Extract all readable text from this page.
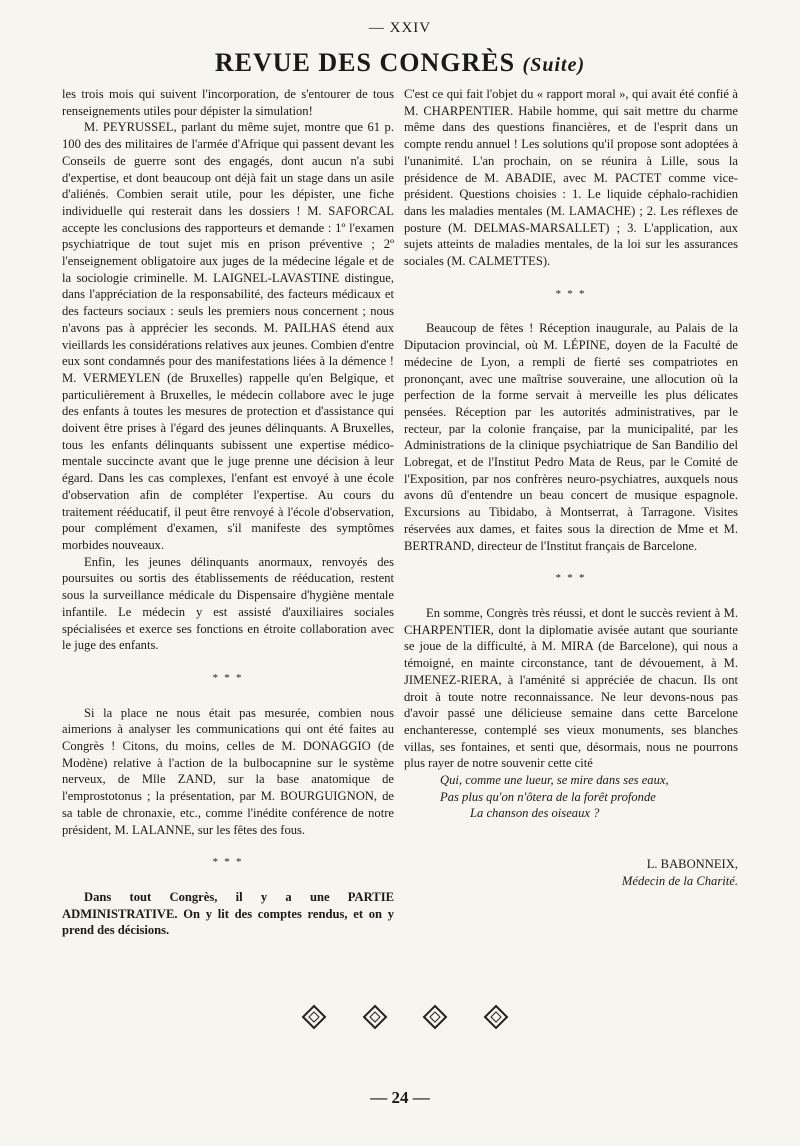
— XXIV
REVUE DES CONGRÈS (Suite)

les trois mois qui suivent l'incorporation, de s'entourer de tous renseignements utiles pour dépister la simulation!

M. PEYRUSSEL, parlant du même sujet, montre que 61 p. 100 des des militaires de l'armée d'Afrique qui passent devant les Conseils de guerre sont des engagés, dont aucun n'a subi d'expertise, et dont beaucoup ont déjà fait un stage dans un asile d'aliénés. Combien serait utile, pour les dépister, une fiche individuelle qui resterait dans les dossiers ! M. SAFORCAL accepte les conclusions des rapporteurs et demande : 1º l'examen psychiatrique de tout sujet mis en prison préventive ; 2º l'enseignement obligatoire aux juges de la médecine légale et de la sociologie criminelle. M. LAIGNEL-LAVASTINE distingue, dans l'appréciation de la responsabilité, des facteurs médicaux et des facteurs sociaux : seuls les premiers nous concernent ; nous n'avons pas à apprécier les seconds. M. PAILHAS étend aux vieillards les considérations relatives aux jeunes. Combien d'entre eux sont condamnés pour des manifestations liées à la démence ! M. VERMEYLEN (de Bruxelles) rappelle qu'en Belgique, et particulièrement à Bruxelles, le médecin collabore avec le juge des enfants à toutes les mesures de protection et d'assistance qui doivent être prises à l'égard des jeunes délinquants. A Bruxelles, tous les enfants délinquants subissent une expertise médico-mentale succincte avant que le juge prenne une décision à leur égard. Dans les cas complexes, l'enfant est envoyé à une école d'observation afin de compléter l'expertise. Au cours du traitement rééducatif, il peut être renvoyé à l'école d'observation, pour complément d'examen, s'il manifeste des symptômes morbides nouveaux.

Enfin, les jeunes délinquants anormaux, renvoyés des poursuites ou sortis des établissements de rééducation, restent sous la surveillance médicale du Dispensaire d'hygiène mentale infantile. Le médecin y est assisté d'auxiliaires sociales spécialisées et exerce ses fonctions en étroite collaboration avec le juge des enfants.

* * *

Si la place ne nous était pas mesurée, combien nous aimerions à analyser les communications qui ont été faites au Congrès ! Citons, du moins, celles de M. DONAGGIO (de Modène) relative à l'action de la bulbocapnine sur le système nerveux, de Mlle ZAND, sur la base anatomique de l'emprostotonus ; la présentation, par M. BOURGUIGNON, de sa table de chronaxie, etc., comme l'inédite conférence de notre président, M. LALANNE, sur les fêtes des fous.

* * *

Dans tout Congrès, il y a une PARTIE ADMINISTRATIVE. On y lit des comptes rendus, et on y prend des décisions.

C'est ce qui fait l'objet du « rapport moral », qui avait été confié à M. CHARPENTIER. Habile homme, qui sait mettre du charme même dans des questions financières, et de l'esprit dans un compte rendu annuel ! Les solutions qu'il propose sont adoptées à l'unanimité. L'an prochain, on se réunira à Lille, sous la présidence de M. ABADIE, avec M. PACTET comme vice-président. Questions choisies : 1. Le liquide céphalo-rachidien dans les maladies mentales (M. LAMACHE) ; 2. Les réflexes de posture (M. DELMAS-MARSALLET) ; 3. L'application, aux sujets atteints de maladies mentales, de la loi sur les assurances sociales (M. CALMETTES).

* * *

Beaucoup de fêtes ! Réception inaugurale, au Palais de la Diputacion provincial, où M. LÉPINE, doyen de la Faculté de médecine de Lyon, a rempli de fierté ses compatriotes en prononçant, avec une maîtrise souveraine, une allocution où la perfection de la forme servait à merveille les plus délicates pensées. Réception par les autorités administratives, par le recteur, par la colonie française, par la municipalité, par les Administrations de la clinique psychiatrique de San Bandilio del Lobregat, et de l'Institut Pedro Mata de Reus, par le Comité de l'Exposition, par nos confrères neuro-psychiatres, auxquels nous avons dû d'entendre un beau concert de musique espagnole. Excursions au Tibidabo, à Montserrat, à Tarragone. Visites réservées aux dames, et faites sous la direction de Mme et M. BERTRAND, directeur de l'Institut français de Barcelone.

* * *

En somme, Congrès très réussi, et dont le succès revient à M. CHARPENTIER, dont la diplomatie avisée autant que souriante se joue de la difficulté, à M. MIRA (de Barcelone), qui nous a témoigné, en mainte circonstance, tant de dévouement, à M. JIMENEZ-RIERA, à l'aménité si appréciée de chacun. Ils ont droit à toute notre reconnaissance. Ne leur devons-nous pas d'avoir passé une délicieuse semaine dans cette Barcelone enchanteresse, contemplé ses vieux monuments, ses blanches villas, ses fontaines, et senti que, désormais, nous ne pourrons plus rayer de notre souvenir cette cité

Qui, comme une lueur, se mire dans ses eaux,
Pas plus qu'on n'ôtera de la forêt profonde
La chanson des oiseaux ?
L. BABONNEIX,
Médecin de la Charité.
— 24 —
